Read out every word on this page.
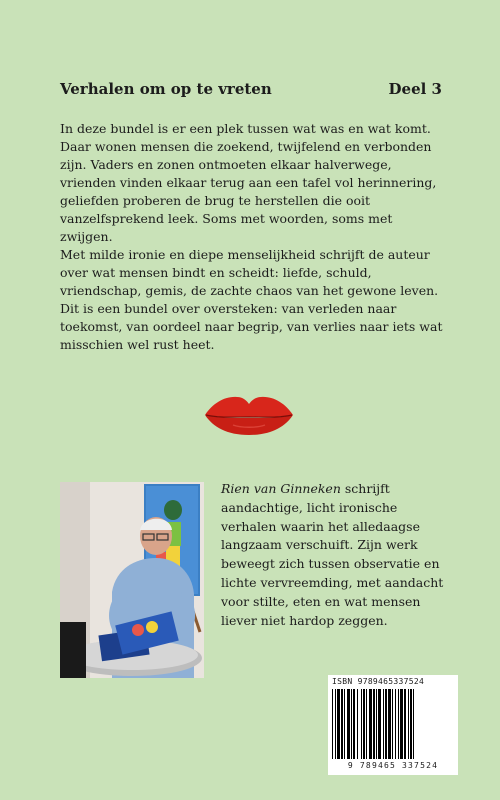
Verhalen om op te vreten	Deel 3

In deze bundel is er een plek tussen wat was en wat komt. Daar wonen mensen die zoekend, twijfelend en verbonden zijn. Vaders en zonen ontmoeten elkaar halverwege, vrienden vinden elkaar terug aan een tafel vol herinnering, geliefden proberen de brug te herstellen die ooit vanzelfsprekend leek. Soms met woorden, soms met zwijgen.

Met milde ironie en diepe menselijkheid schrijft de auteur over wat mensen bindt en scheidt: liefde, schuld, vriendschap, gemis, de zachte chaos van het gewone leven. Dit is een bundel over oversteken: van verleden naar toekomst, van oordeel naar begrip, van verlies naar iets wat misschien wel rust heet.

Rien van Ginneken schrijft aandachtige, licht ironische verhalen waarin het alledaagse langzaam verschuift. Zijn werk beweegt zich tussen observatie en lichte vervreemding, met aandacht voor stilte, eten en wat mensen liever niet hardop zeggen.
ISBN 9789465337524
9 789465 337524
